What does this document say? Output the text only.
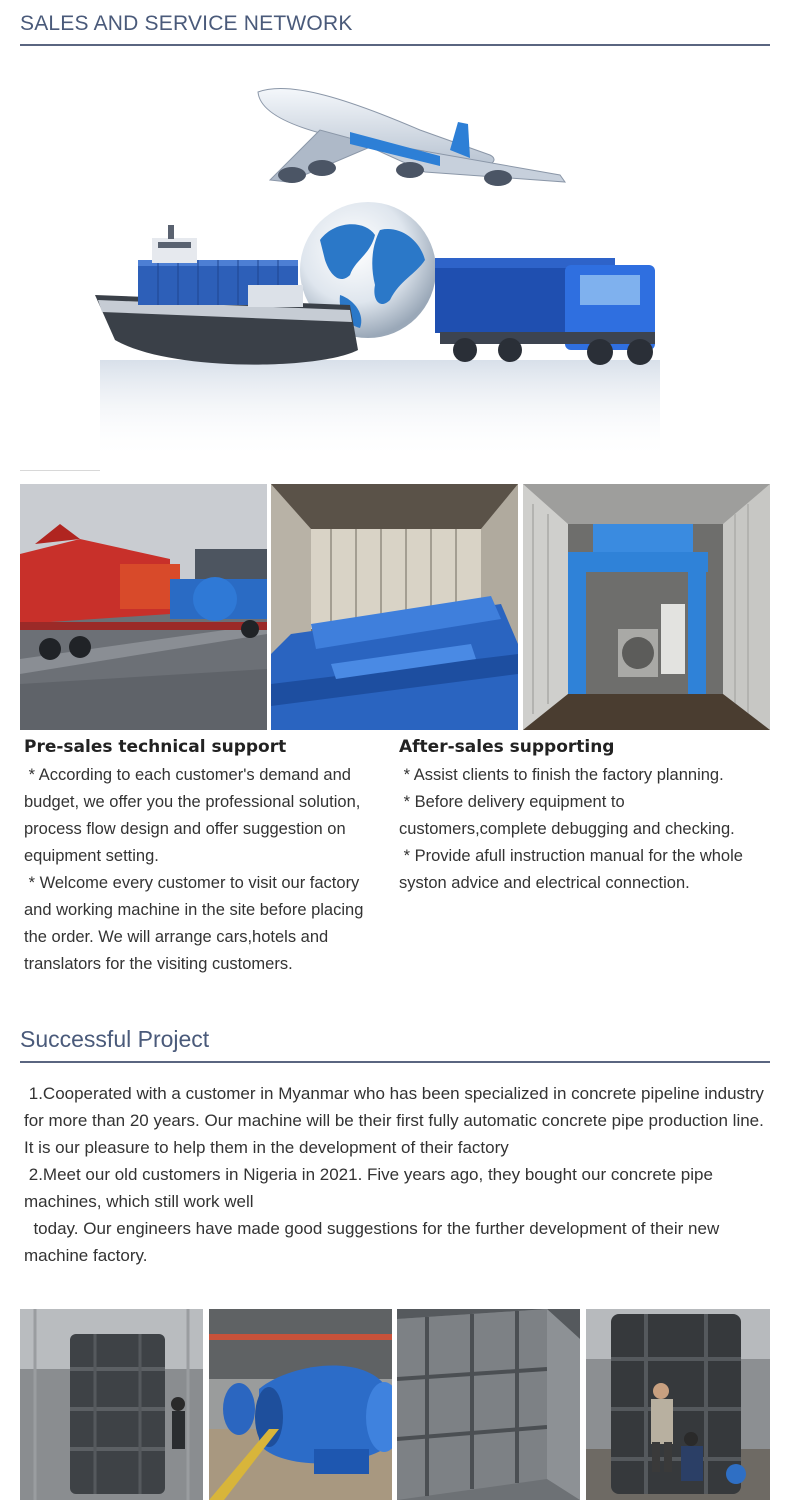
SALES AND SERVICE NETWORK
Pre-sales technical support

* According to each customer's demand and budget, we offer you the professional solution, process flow design and offer suggestion on equipment setting.
* Welcome every customer to visit our factory and working machine in the site before placing the order. We will arrange cars,hotels and translators for the visiting customers.

After-sales supporting

* Assist clients to finish the factory planning.
* Before delivery equipment to customers,complete debugging and checking.
* Provide afull instruction manual for the whole syston advice and electrical connection.

Successful Project
1.Cooperated with a customer in Myanmar who has been specialized in concrete pipeline industry for more than 20 years. Our machine will be their first fully automatic concrete pipe production line. It is our pleasure to help them in the development of their factory
2.Meet our old customers in Nigeria in 2021. Five years ago, they bought our concrete pipe machines, which still work well
today. Our engineers have made good suggestions for the further development of their new machine factory.
